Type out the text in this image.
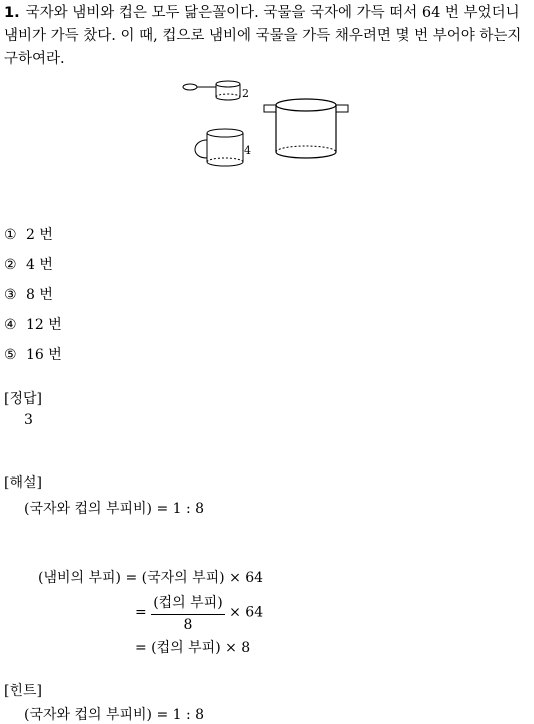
1. 국자와 냄비와 컵은 모두 닮은꼴이다. 국물을 국자에 가득 떠서 64 번 부었더니 냄비가 가득 찼다. 이 때, 컵으로 냄비에 국물을 가득 채우려면 몇 번 부어야 하는지 구하여라.
2
4
① 2 번
② 4 번
③ 8 번
④ 12 번
⑤ 16 번
[정답]
3
[해설]
(국자와 컵의 부피비) = 1 : 8
(냄비의 부피) = (국자의 부피) × 64
= $\frac{\text{(컵의 부피)}}{8} \times 64$
= (컵의 부피) × 8
[힌트]
(국자와 컵의 부피비) = 1 : 8
